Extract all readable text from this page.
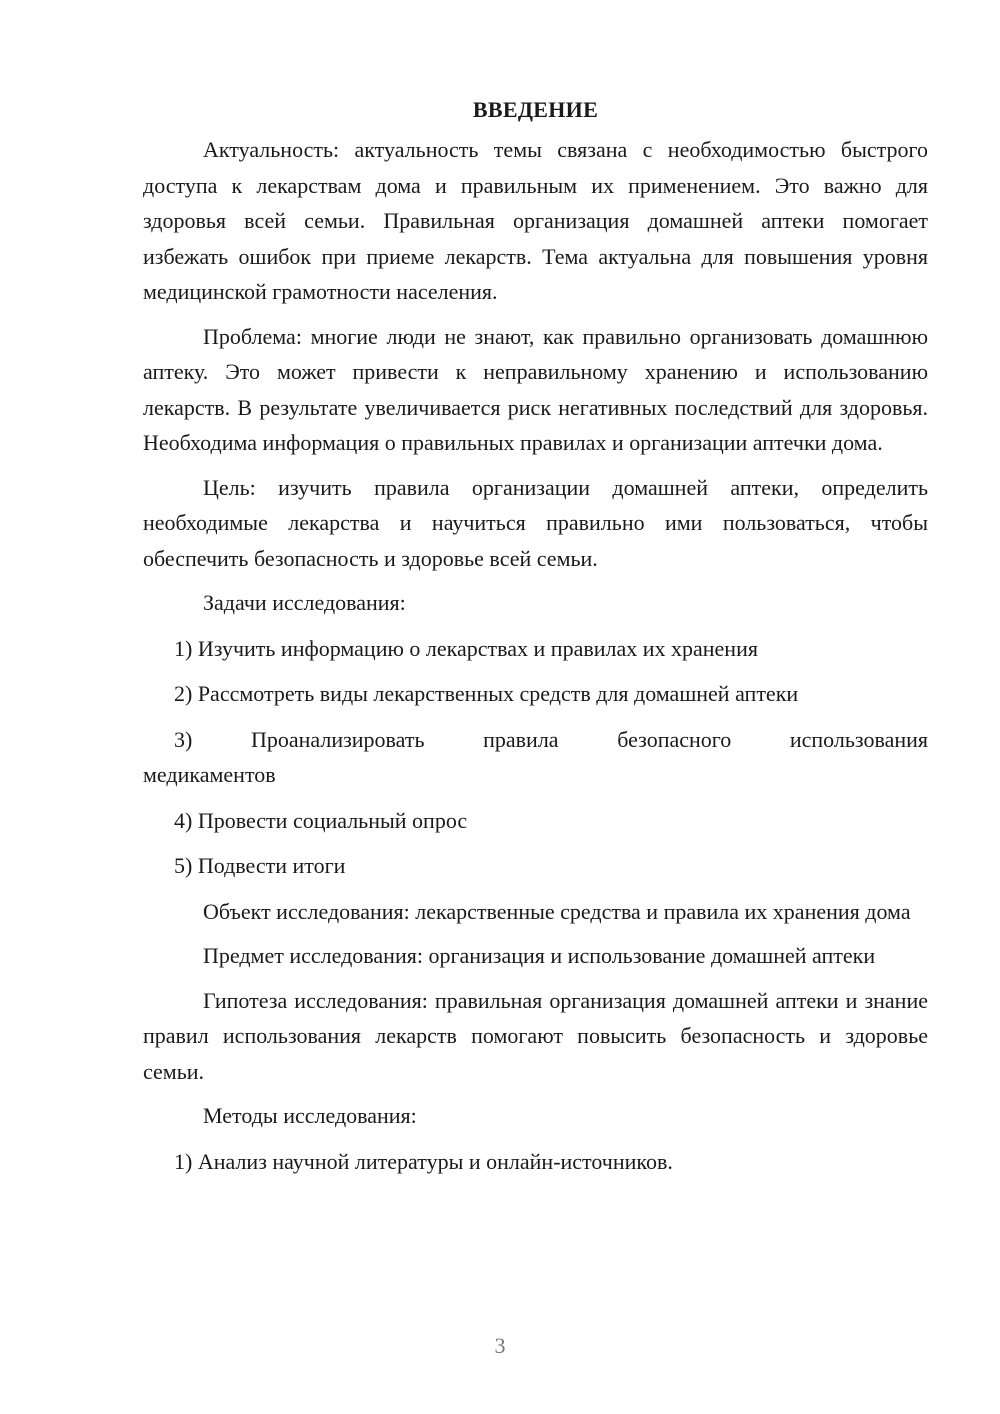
ВВЕДЕНИЕ

Актуальность: актуальность темы связана с необходимостью быстрого доступа к лекарствам дома и правильным их применением. Это важно для здоровья всей семьи. Правильная организация домашней аптеки помогает избежать ошибок при приеме лекарств. Тема актуальна для повышения уровня медицинской грамотности населения.

Проблема: многие люди не знают, как правильно организовать домашнюю аптеку. Это может привести к неправильному хранению и использованию лекарств. В результате увеличивается риск негативных последствий для здоровья. Необходима информация о правильных правилах и организации аптечки дома.

Цель: изучить правила организации домашней аптеки, определить необходимые лекарства и научиться правильно ими пользоваться, чтобы обеспечить безопасность и здоровье всей семьи.

Задачи исследования:
1) Изучить информацию о лекарствах и правилах их хранения
2) Рассмотреть виды лекарственных средств для домашней аптеки
3) Проанализировать правила безопасного использования медикаментов
4) Провести социальный опрос
5) Подвести итоги

Объект исследования: лекарственные средства и правила их хранения дома

Предмет исследования: организация и использование домашней аптеки

Гипотеза исследования: правильная организация домашней аптеки и знание правил использования лекарств помогают повысить безопасность и здоровье семьи.

Методы исследования:
1) Анализ научной литературы и онлайн-источников.
3
